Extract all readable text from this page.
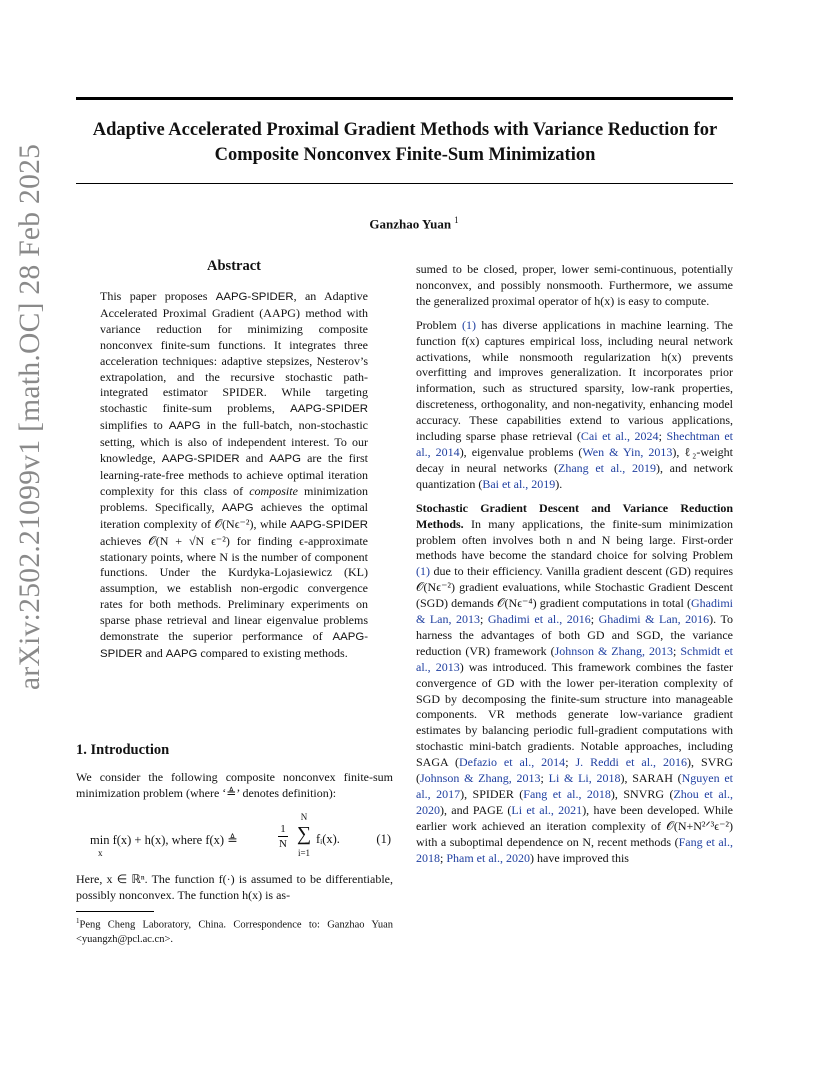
Adaptive Accelerated Proximal Gradient Methods with Variance Reduction for
Composite Nonconvex Finite-Sum Minimization
Ganzhao Yuan $^1$
arXiv:2502.21099v1 [math.OC] 28 Feb 2025	Abstract
This paper proposes AAPG-SPIDER, an Adaptive Accelerated Proximal Gradient (AAPG) method with variance reduction for minimizing composite nonconvex finite-sum functions. It integrates three acceleration techniques: adaptive stepsizes, Nesterov’s extrapolation, and the recursive stochastic path-integrated estimator SPIDER. While targeting stochastic finite-sum problems, AAPG-SPIDER simplifies to AAPG in the full-batch, non-stochastic setting, which is also of independent interest. To our knowledge, AAPG-SPIDER and AAPG are the first learning-rate-free methods to achieve optimal iteration complexity for this class of composite minimization problems. Specifically, AAPG achieves the optimal iteration complexity of 𝒪(Nϵ⁻²), while AAPG-SPIDER achieves 𝒪(N + √N ϵ⁻²) for finding ϵ-approximate stationary points, where N is the number of component functions. Under the Kurdyka-Lojasiewicz (KL) assumption, we establish non-ergodic convergence rates for both methods. Preliminary experiments on sparse phase retrieval and linear eigenvalue problems demonstrate the superior performance of AAPG-SPIDER and AAPG compared to existing methods.
1. Introduction
We consider the following composite nonconvex finite-sum minimization problem (where ‘≜’ denotes definition):
min f(x) + h(x), where f(x) ≜
x
$\frac{1}{N}$
N
∑
i=1
fᵢ(x).	(1)
Here, x ∈ ℝⁿ. The function f(·) is assumed to be differentiable, possibly nonconvex. The function h(x) is as-
$^1$Peng Cheng Laboratory, China. Correspondence to: Ganzhao Yuan <yuangzh@pcl.ac.cn>.

sumed to be closed, proper, lower semi-continuous, potentially nonconvex, and possibly nonsmooth. Furthermore, we assume the generalized proximal operator of h(x) is easy to compute.

Problem (1) has diverse applications in machine learning. The function f(x) captures empirical loss, including neural network activations, while nonsmooth regularization h(x) prevents overfitting and improves generalization. It incorporates prior information, such as structured sparsity, low-rank properties, discreteness, orthogonality, and non-negativity, enhancing model accuracy. These capabilities extend to various applications, including sparse phase retrieval (Cai et al., 2024; Shechtman et al., 2014), eigenvalue problems (Wen & Yin, 2013), ℓ₂-weight decay in neural networks (Zhang et al., 2019), and network quantization (Bai et al., 2019).

Stochastic Gradient Descent and Variance Reduction Methods. In many applications, the finite-sum minimization problem often involves both n and N being large. First-order methods have become the standard choice for solving Problem (1) due to their efficiency. Vanilla gradient descent (GD) requires 𝒪(Nϵ⁻²) gradient evaluations, while Stochastic Gradient Descent (SGD) demands 𝒪(Nϵ⁻⁴) gradient computations in total (Ghadimi & Lan, 2013; Ghadimi et al., 2016; Ghadimi & Lan, 2016). To harness the advantages of both GD and SGD, the variance reduction (VR) framework (Johnson & Zhang, 2013; Schmidt et al., 2013) was introduced. This framework combines the faster convergence of GD with the lower per-iteration complexity of SGD by decomposing the finite-sum structure into manageable components. VR methods generate low-variance gradient estimates by balancing periodic full-gradient computations with stochastic mini-batch gradients. Notable approaches, including SAGA (Defazio et al., 2014; J. Reddi et al., 2016), SVRG (Johnson & Zhang, 2013; Li & Li, 2018), SARAH (Nguyen et al., 2017), SPIDER (Fang et al., 2018), SNVRG (Zhou et al., 2020), and PAGE (Li et al., 2021), have been developed. While earlier work achieved an iteration complexity of 𝒪(N+N²ᐟ³ϵ⁻²) with a suboptimal dependence on N, recent methods (Fang et al., 2018; Pham et al., 2020) have improved this
